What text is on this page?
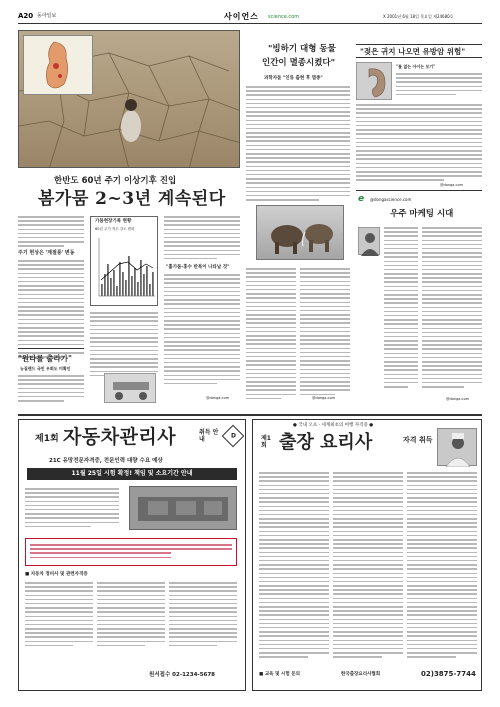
A20 동아일보	사이언스 science.com	X 2001년 6월 18일 목요일 제24680호
한반도 60년 주기 이상기후 진입
봄가뭄 2~3년 계속된다
주기 현상은 '계절풍' 변동
"원타를 출라가"
뉴질랜드 국민 우회도 미확인
가뭄현장기록 현황
60년 주기 적우 강도 변화
"흙가뭄-홍수 반복이 나타날 것"
@donga.com
"빙하기 대형 동물
인간이 멸종시켰다"
과학자들 "인류 출현 후 멸종"
@donga.com
"젖은 귀지 나오면 유방암 위험"
"물 없는 아이는 모기"
@donga.com
e @dongascience.com
우주 마케팅 시대
@donga.com
제1회 자동차관리사	취득 안내
D
21C 유망전문자격증, 전문인력 대량 수요 예상
11월 25일 시험 확정! 책임 및 소요기간 안내
■ 자동차 정비사 및 관련자격증
원서접수 02-1234-5678
● 국내 오프 · 세계최초의 여행 자격증 ●
제1회 출장 요리사	자격 취득
■ 교육 및 시험 문의	한국출장요리사협회	02)3875-7744
